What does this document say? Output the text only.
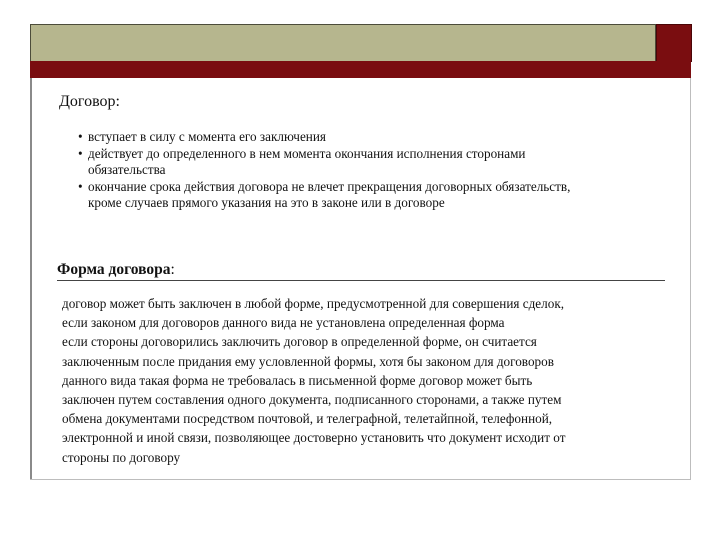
Договор:
• вступает в силу с момента его заключения
• действует до определенного в нем момента окончания исполнения сторонами
обязательства
• окончание срока действия договора не влечет прекращения договорных обязательств,
кроме случаев прямого указания на это в законе или в договоре
Форма договора:

договор может быть заключен в любой форме, предусмотренной для совершения сделок,
если законом для договоров данного вида не установлена определенная форма
если стороны договорились заключить договор в определенной форме, он считается
заключенным после придания ему условленной формы, хотя бы законом для договоров
данного вида такая форма не требовалась в письменной форме договор может быть
заключен путем составления одного документа, подписанного сторонами, а также путем
обмена документами посредством почтовой, и телеграфной, телетайпной, телефонной,
электронной и иной связи, позволяющее достоверно установить что документ исходит от
стороны по договору
